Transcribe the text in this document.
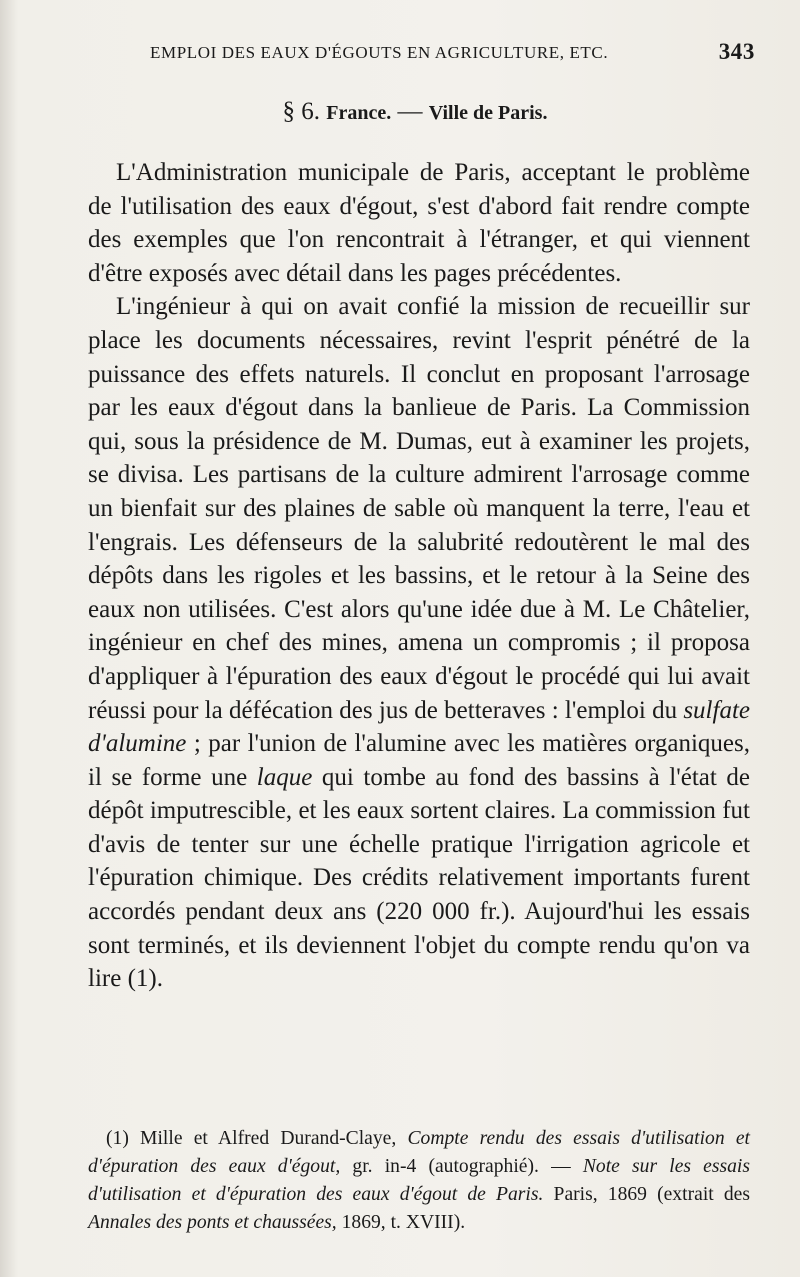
EMPLOI DES EAUX D'ÉGOUTS EN AGRICULTURE, ETC.	343
§ 6. France. — Ville de Paris.

L'Administration municipale de Paris, acceptant le problème de l'utilisation des eaux d'égout, s'est d'abord fait rendre compte des exemples que l'on rencontrait à l'étranger, et qui viennent d'être exposés avec détail dans les pages précédentes.

L'ingénieur à qui on avait confié la mission de recueillir sur place les documents nécessaires, revint l'esprit pénétré de la puissance des effets naturels. Il conclut en proposant l'arrosage par les eaux d'égout dans la banlieue de Paris. La Commission qui, sous la présidence de M. Dumas, eut à examiner les projets, se divisa. Les partisans de la culture admirent l'arrosage comme un bienfait sur des plaines de sable où manquent la terre, l'eau et l'engrais. Les défenseurs de la salubrité redoutèrent le mal des dépôts dans les rigoles et les bassins, et le retour à la Seine des eaux non utilisées. C'est alors qu'une idée due à M. Le Châtelier, ingénieur en chef des mines, amena un compromis ; il proposa d'appliquer à l'épuration des eaux d'égout le procédé qui lui avait réussi pour la défécation des jus de betteraves : l'emploi du sulfate d'alumine ; par l'union de l'alumine avec les matières organiques, il se forme une laque qui tombe au fond des bassins à l'état de dépôt imputrescible, et les eaux sortent claires. La commission fut d'avis de tenter sur une échelle pratique l'irrigation agricole et l'épuration chimique. Des crédits relativement importants furent accordés pendant deux ans (220 000 fr.). Aujourd'hui les essais sont terminés, et ils deviennent l'objet du compte rendu qu'on va lire (1).

(1) Mille et Alfred Durand-Claye, Compte rendu des essais d'utilisation et d'épuration des eaux d'égout, gr. in-4 (autographié). — Note sur les essais d'utilisation et d'épuration des eaux d'égout de Paris. Paris, 1869 (extrait des Annales des ponts et chaussées, 1869, t. XVIII).
